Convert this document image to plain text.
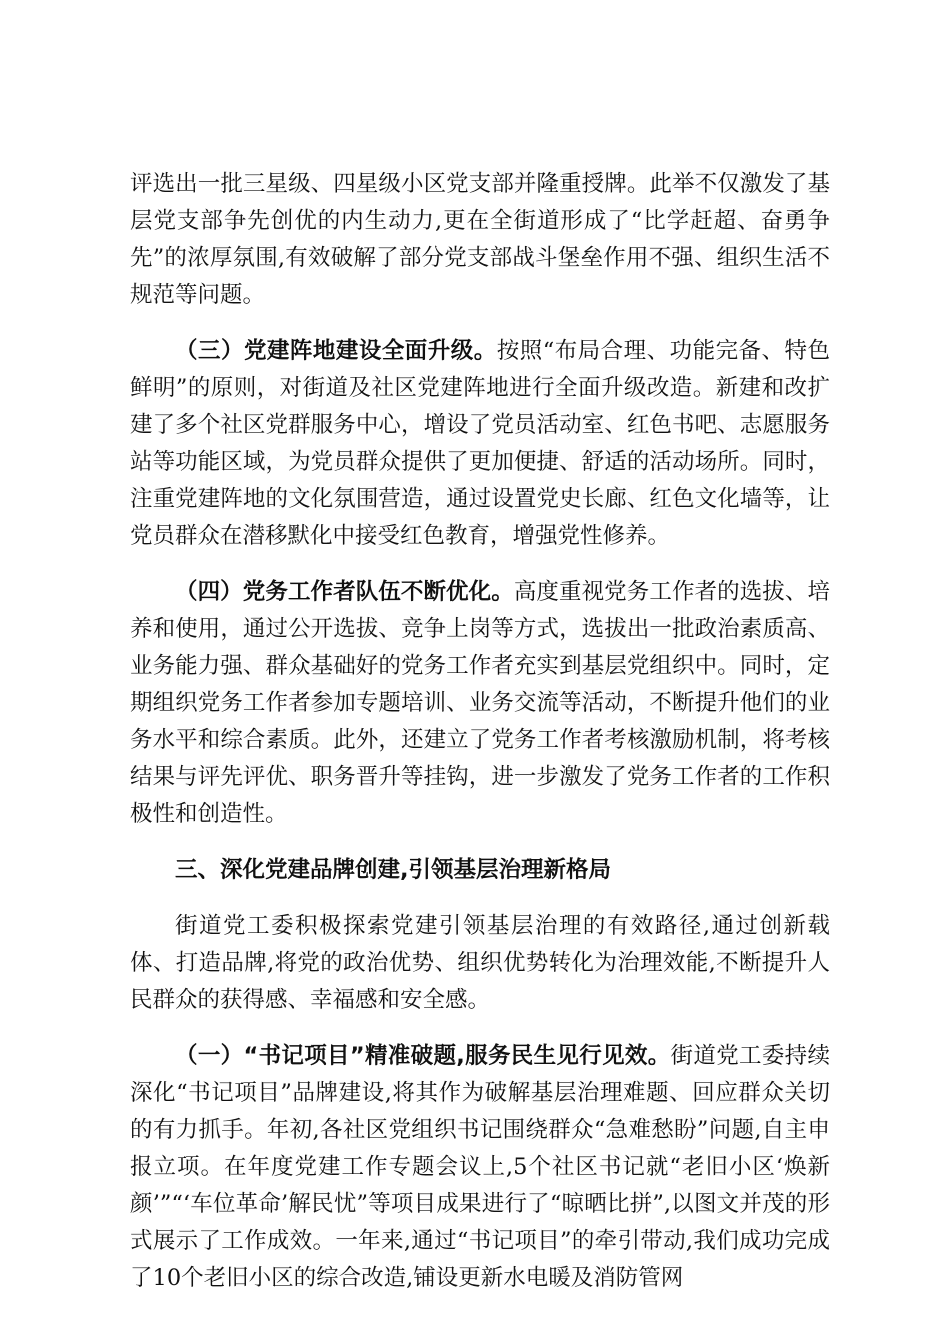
评选出一批三星级、四星级小区党支部并隆重授牌。此举不仅激发了基层党支部争先创优的内生动力,更在全街道形成了“比学赶超、奋勇争先”的浓厚氛围,有效破解了部分党支部战斗堡垒作用不强、组织生活不规范等问题。

（三）党建阵地建设全面升级。按照“布局合理、功能完备、特色鲜明”的原则，对街道及社区党建阵地进行全面升级改造。新建和改扩建了多个社区党群服务中心，增设了党员活动室、红色书吧、志愿服务站等功能区域，为党员群众提供了更加便捷、舒适的活动场所。同时，注重党建阵地的文化氛围营造，通过设置党史长廊、红色文化墙等，让党员群众在潜移默化中接受红色教育，增强党性修养。

（四）党务工作者队伍不断优化。高度重视党务工作者的选拔、培养和使用，通过公开选拔、竞争上岗等方式，选拔出一批政治素质高、业务能力强、群众基础好的党务工作者充实到基层党组织中。同时，定期组织党务工作者参加专题培训、业务交流等活动，不断提升他们的业务水平和综合素质。此外，还建立了党务工作者考核激励机制，将考核结果与评先评优、职务晋升等挂钩，进一步激发了党务工作者的工作积极性和创造性。

三、深化党建品牌创建,引领基层治理新格局

街道党工委积极探索党建引领基层治理的有效路径,通过创新载体、打造品牌,将党的政治优势、组织优势转化为治理效能,不断提升人民群众的获得感、幸福感和安全感。

（一）“书记项目”精准破题,服务民生见行见效。街道党工委持续深化“书记项目”品牌建设,将其作为破解基层治理难题、回应群众关切的有力抓手。年初,各社区党组织书记围绕群众“急难愁盼”问题,自主申报立项。在年度党建工作专题会议上,5个社区书记就“老旧小区‘焕新颜’”“‘车位革命’解民忧”等项目成果进行了“晾晒比拼”,以图文并茂的形式展示了工作成效。一年来,通过“书记项目”的牵引带动,我们成功完成了10个老旧小区的综合改造,铺设更新水电暖及消防管网
